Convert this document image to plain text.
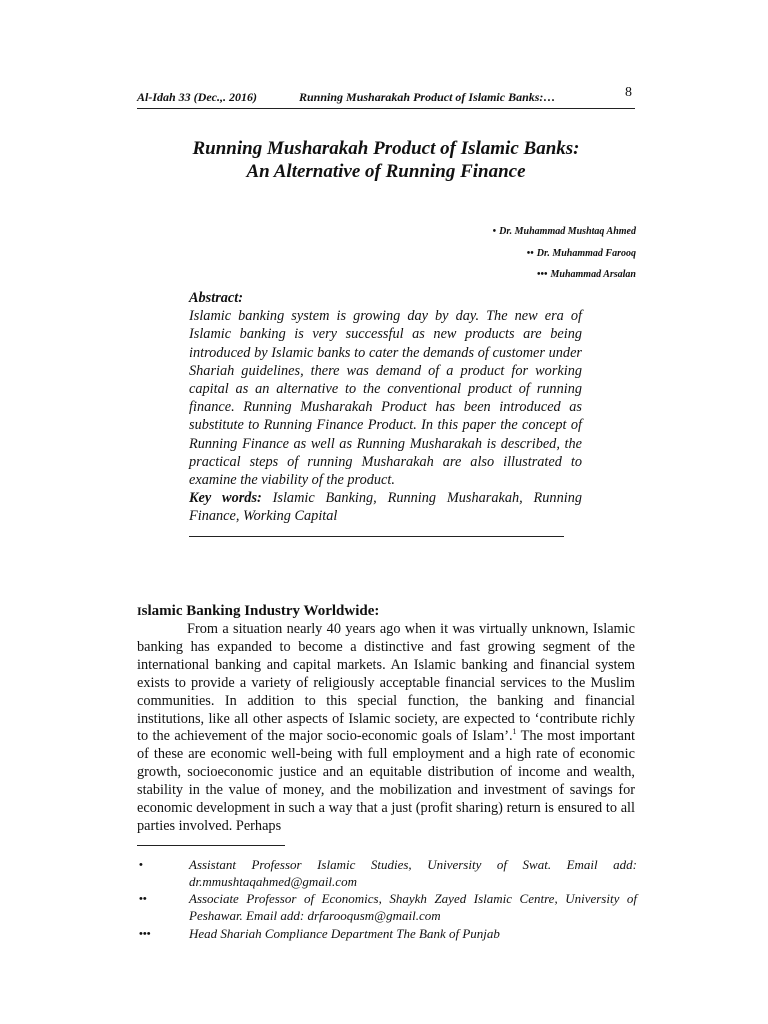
Al-Idah 33 (Dec.,. 2016)	Running Musharakah Product of Islamic Banks:…	8
Running Musharakah Product of Islamic Banks:
An Alternative of Running Finance
• Dr. Muhammad Mushtaq Ahmed
•• Dr. Muhammad Farooq
••• Muhammad Arsalan
Abstract:
Islamic banking system is growing day by day. The new era of Islamic banking is very successful as new products are being introduced by Islamic banks to cater the demands of customer under Shariah guidelines, there was demand of a product for working capital as an alternative to the conventional product of running finance. Running Musharakah Product has been introduced as substitute to Running Finance Product. In this paper the concept of Running Finance as well as Running Musharakah is described, the practical steps of running Musharakah are also illustrated to examine the viability of the product.
Key words: Islamic Banking, Running Musharakah, Running Finance, Working Capital
Islamic Banking Industry Worldwide:

From a situation nearly 40 years ago when it was virtually unknown, Islamic banking has expanded to become a distinctive and fast growing segment of the international banking and capital markets. An Islamic banking and financial system exists to provide a variety of religiously acceptable financial services to the Muslim communities. In addition to this special function, the banking and financial institutions, like all other aspects of Islamic society, are expected to ‘contribute richly to the achievement of the major socio-economic goals of Islam’.$^1$ The most important of these are economic well-being with full employment and a high rate of economic growth, socioeconomic justice and an equitable distribution of income and wealth, stability in the value of money, and the mobilization and investment of savings for economic development in such a way that a just (profit sharing) return is ensured to all parties involved. Perhaps

•	Assistant Professor Islamic Studies, University of Swat. Email add: dr.mmushtaqahmed@gmail.com
••	Associate Professor of Economics, Shaykh Zayed Islamic Centre, University of Peshawar. Email add: drfarooqusm@gmail.com
•••	Head Shariah Compliance Department The Bank of Punjab
